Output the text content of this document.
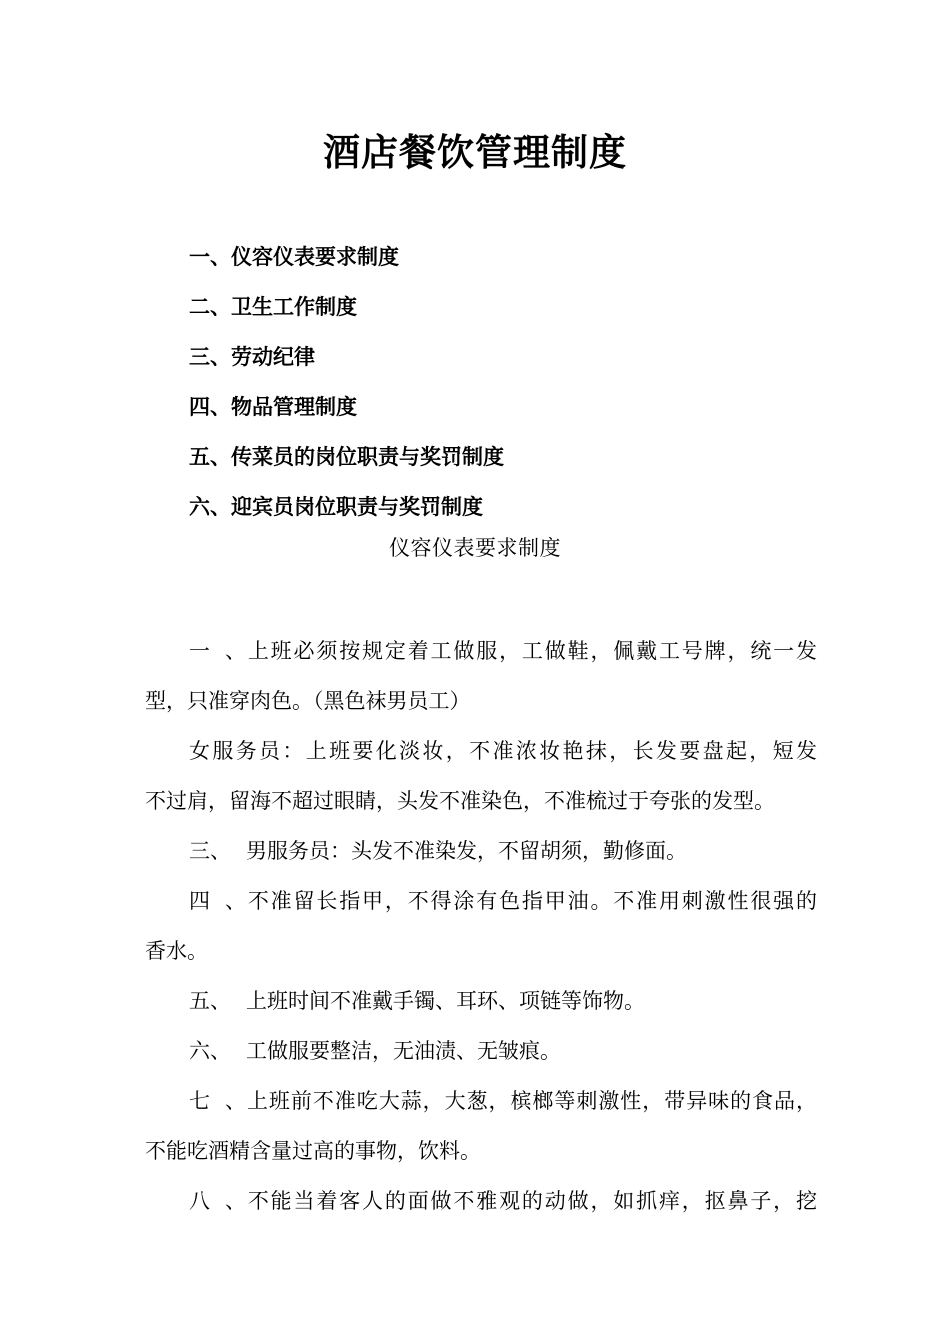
酒店餐饮管理制度
一、仪容仪表要求制度
二、卫生工作制度
三、劳动纪律
四、物品管理制度
五、传菜员的岗位职责与奖罚制度
六、迎宾员岗位职责与奖罚制度
仪容仪表要求制度
一、上班必须按规定着工做服，工做鞋，佩戴工号牌，统一发
型，只准穿肉色。（黑色袜男员工）
女服务员：上班要化淡妆，不准浓妆艳抹，长发要盘起，短发
不过肩，留海不超过眼睛，头发不准染色，不准梳过于夸张的发型。
三、 男服务员：头发不准染发，不留胡须，勤修面。
四、不准留长指甲，不得涂有色指甲油。不准用刺激性很强的
香水。
五、 上班时间不准戴手镯、耳环、项链等饰物。
六、 工做服要整洁，无油渍、无皱痕。
七、上班前不准吃大蒜，大葱，槟榔等刺激性，带异味的食品，
不能吃酒精含量过高的事物，饮料。
八、不能当着客人的面做不雅观的动做，如抓痒，抠鼻子，挖
